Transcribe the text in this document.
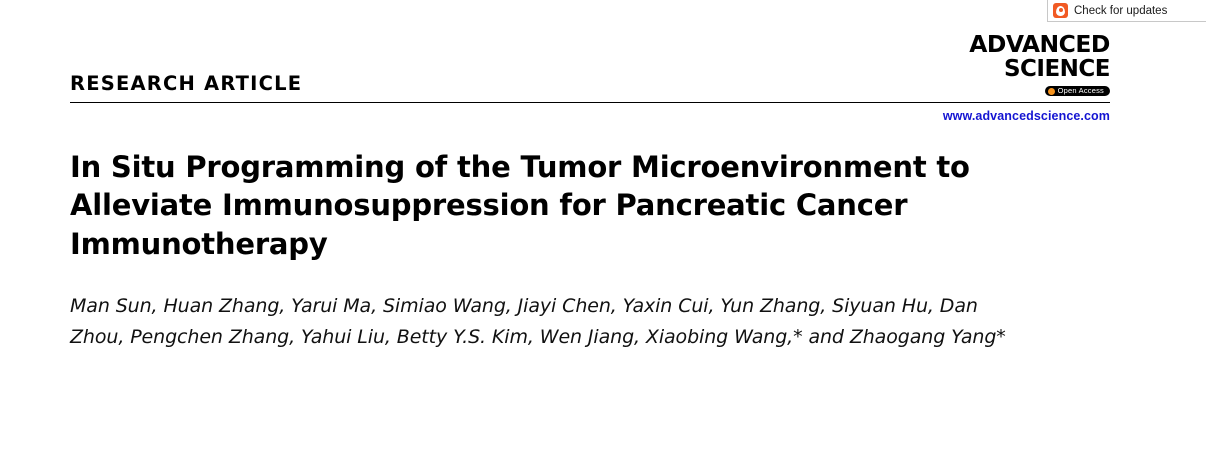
Check for updates
RESEARCH ARTICLE
ADVANCED
SCIENCE
Open Access
www.advancedscience.com
In Situ Programming of the Tumor Microenvironment to Alleviate Immunosuppression for Pancreatic Cancer Immunotherapy

Man Sun, Huan Zhang, Yarui Ma, Simiao Wang, Jiayi Chen, Yaxin Cui, Yun Zhang, Siyuan Hu, Dan Zhou, Pengchen Zhang, Yahui Liu, Betty Y.S. Kim, Wen Jiang, Xiaobing Wang,* and Zhaogang Yang*
